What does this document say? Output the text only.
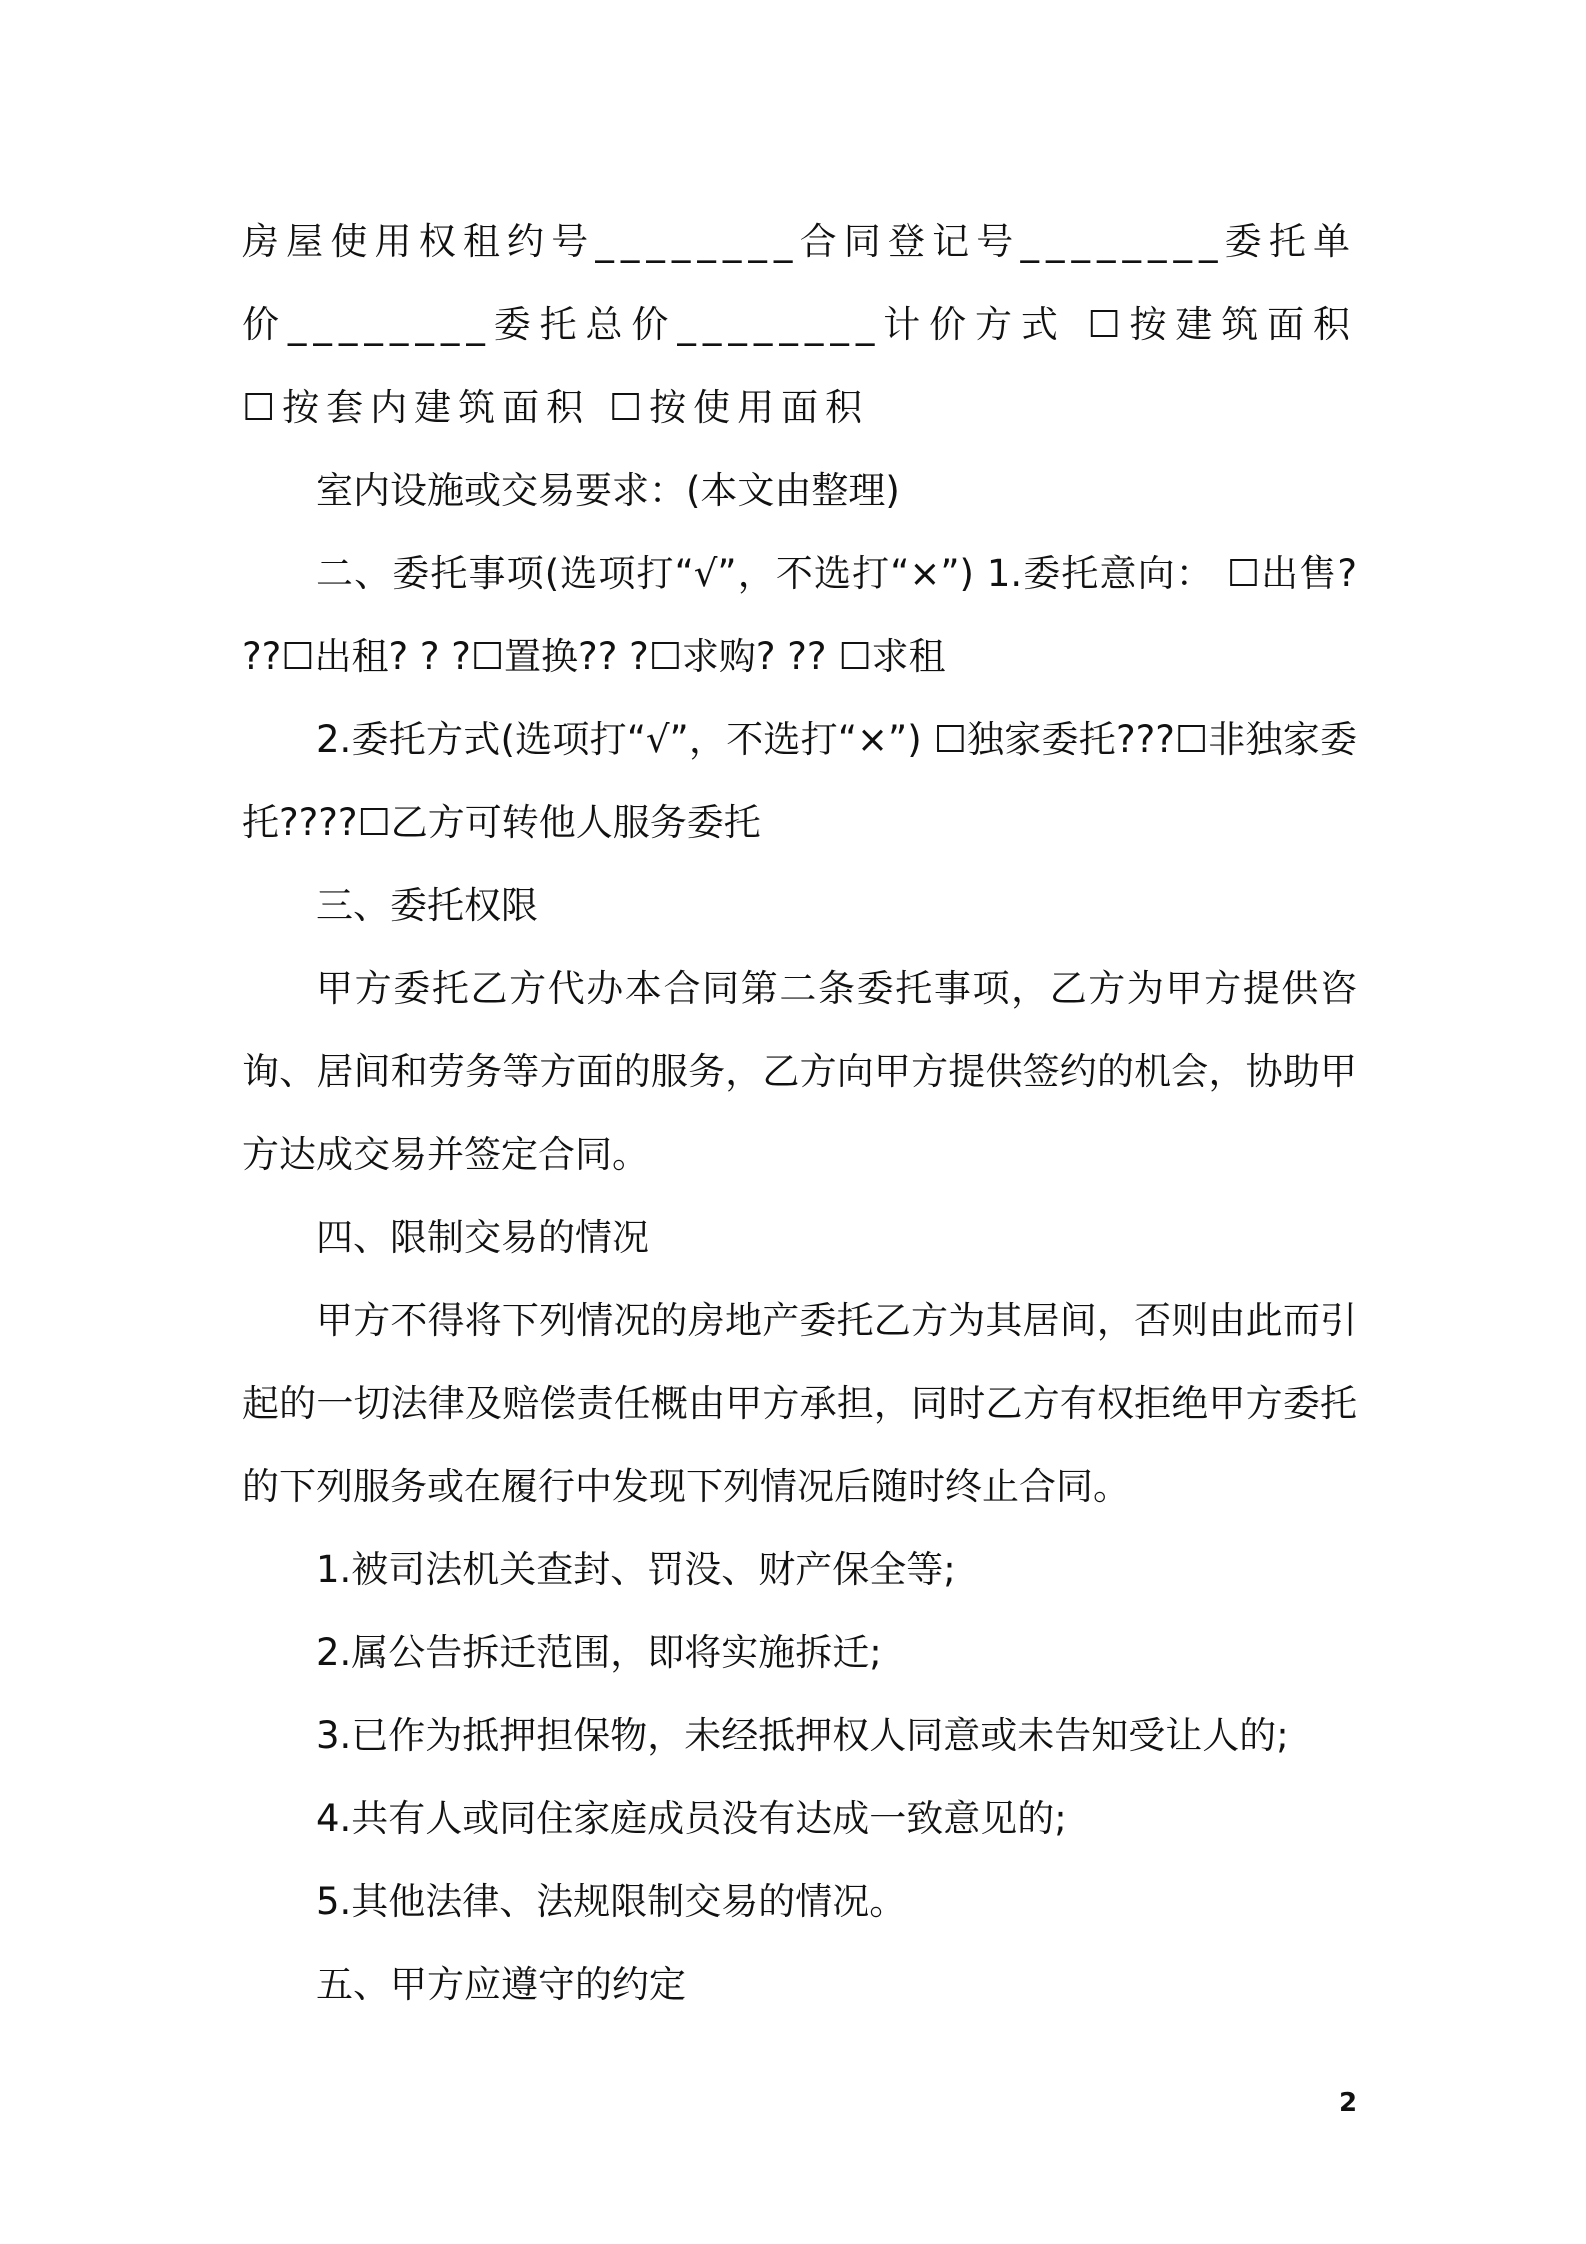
房屋使用权租约号________合同登记号________委托单价________委托总价________计价方式 ☐按建筑面积 ☐按套内建筑面积 ☐按使用面积

室内设施或交易要求：(本文由整理)

二、委托事项(选项打“√”，不选打“×”) 1.委托意向： ☐出售? ??☐出租? ? ?☐置换?? ?☐求购? ?? ☐求租

2.委托方式(选项打“√”，不选打“×”) ☐独家委托???☐非独家委托????☐乙方可转他人服务委托

三、委托权限

甲方委托乙方代办本合同第二条委托事项，乙方为甲方提供咨询、居间和劳务等方面的服务，乙方向甲方提供签约的机会，协助甲方达成交易并签定合同。

四、限制交易的情况

甲方不得将下列情况的房地产委托乙方为其居间，否则由此而引起的一切法律及赔偿责任概由甲方承担，同时乙方有权拒绝甲方委托的下列服务或在履行中发现下列情况后随时终止合同。

1.被司法机关查封、罚没、财产保全等;

2.属公告拆迁范围，即将实施拆迁;

3.已作为抵押担保物，未经抵押权人同意或未告知受让人的;

4.共有人或同住家庭成员没有达成一致意见的;

5.其他法律、法规限制交易的情况。

五、甲方应遵守的约定

2
